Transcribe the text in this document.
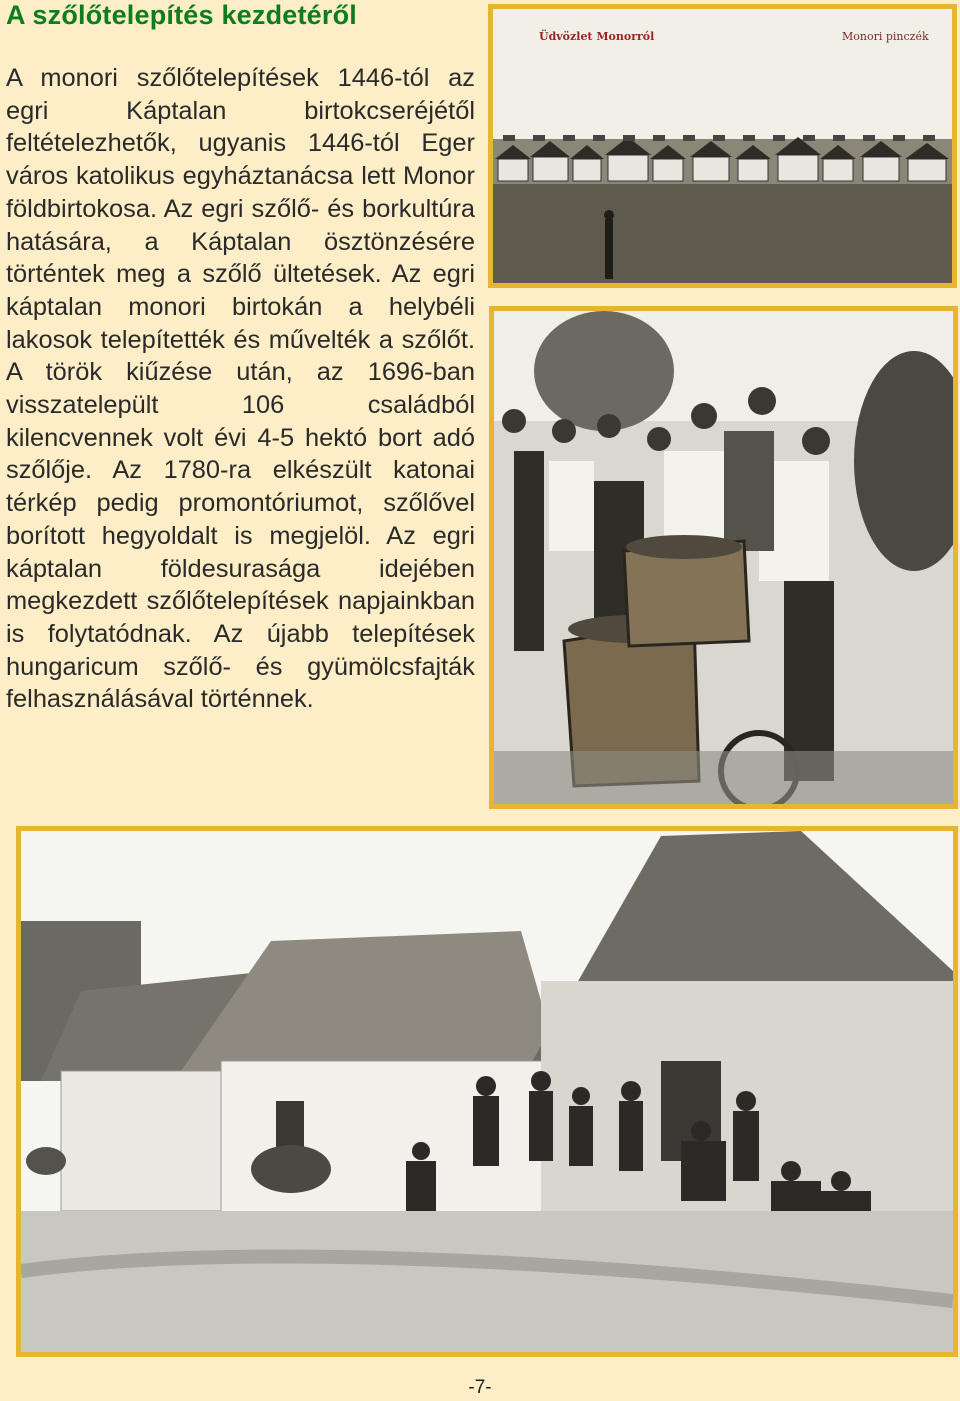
A szőlőtelepítés kezdetéről
A monori szőlőtelepítések 1446-tól az egri Káptalan birtokcseréjétől feltételezhetők, ugyanis 1446-tól Eger város katolikus egyháztanácsa lett Monor földbirtokosa. Az egri szőlő- és borkultúra hatására, a Káptalan ösztönzésére történtek meg a szőlő ültetések. Az egri káptalan monori birtokán a helybéli lakosok telepítették és művelték a szőlőt. A török kiűzése után, az 1696-ban visszatelepült 106 családból kilencvennek volt évi 4-5 hektó bort adó szőlője. Az 1780-ra elkészült katonai térkép pedig promontóriumot, szőlővel borított hegyoldalt is megjelöl. Az egri káptalan földesurasága idejében megkezdett szőlőtelepítések napjainkban is folytatódnak. Az újabb telepítések hungaricum szőlő- és gyümölcsfajták felhasználásával történnek.
Üdvözlet Monorról	Monori pinczék
-7-
